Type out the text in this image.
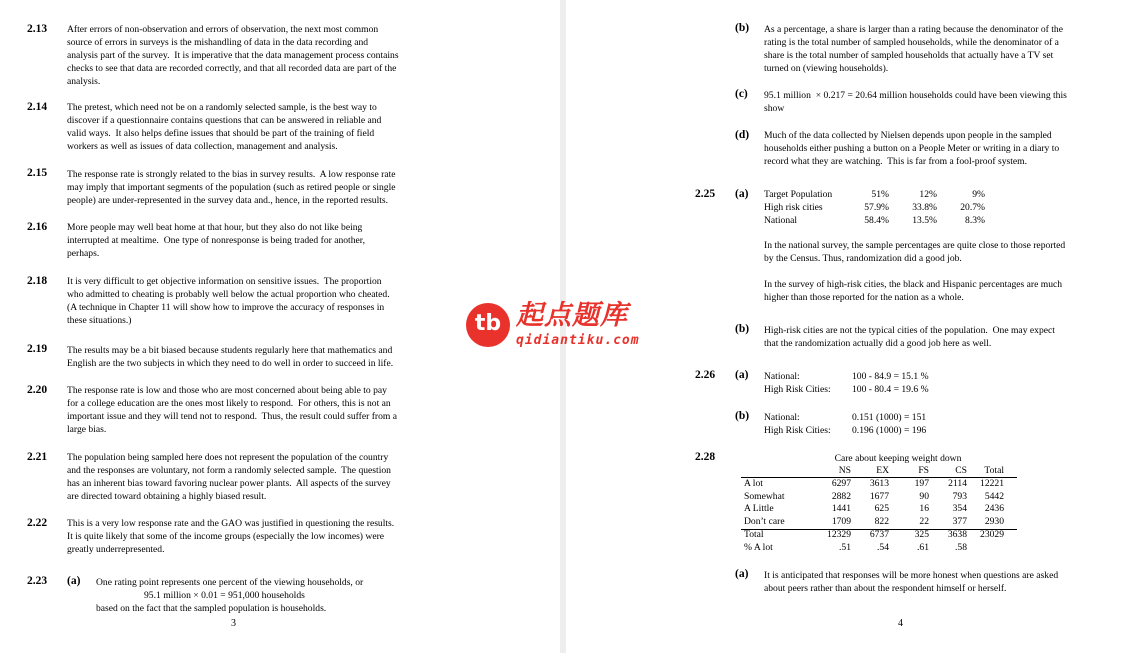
2.13 After errors of non-observation and errors of observation, the next most common
source of errors in surveys is the mishandling of data in the data recording and
analysis part of the survey.  It is imperative that the data management process contains
checks to see that data are recorded correctly, and that all recorded data are part of the
analysis.
2.14 The pretest, which need not be on a randomly selected sample, is the best way to
discover if a questionnaire contains questions that can be answered in reliable and
valid ways.  It also helps define issues that should be part of the training of field
workers as well as issues of data collection, management and analysis.
2.15 The response rate is strongly related to the bias in survey results.  A low response rate
may imply that important segments of the population (such as retired people or single
people) are under-represented in the survey data and., hence, in the reported results.
2.16 More people may well beat home at that hour, but they also do not like being
interrupted at mealtime.  One type of nonresponse is being traded for another,
perhaps.
2.18 It is very difficult to get objective information on sensitive issues.  The proportion
who admitted to cheating is probably well below the actual proportion who cheated.
(A technique in Chapter 11 will show how to improve the accuracy of responses in
these situations.)
2.19 The results may be a bit biased because students regularly here that mathematics and
English are the two subjects in which they need to do well in order to succeed in life.
2.20 The response rate is low and those who are most concerned about being able to pay
for a college education are the ones most likely to respond.  For others, this is not an
important issue and they will tend not to respond.  Thus, the result could suffer from a
large bias.
2.21 The population being sampled here does not represent the population of the country
and the responses are voluntary, not form a randomly selected sample.  The question
has an inherent bias toward favoring nuclear power plants.  All aspects of the survey
are directed toward obtaining a highly biased result.
2.22 This is a very low response rate and the GAO was justified in questioning the results.
It is quite likely that some of the income groups (especially the low incomes) were
greatly underrepresented.
2.23 (a) One rating point represents one percent of the viewing households, or
95.1 million × 0.01 = 951,000 households
based on the fact that the sampled population is households.
3
(b) As a percentage, a share is larger than a rating because the denominator of the
rating is the total number of sampled households, while the denominator of a
share is the total number of sampled households that actually have a TV set
turned on (viewing households).
(c) 95.1 million  × 0.217 = 20.64 million households could have been viewing this
show
(d) Much of the data collected by Nielsen depends upon people in the sampled
households either pushing a button on a People Meter or writing in a diary to
record what they are watching.  This is far from a fool-proof system.
2.25 (a) Target Population	51%	12%	9%
High risk cities	57.9%	33.8%	20.7%
National	58.4%	13.5%	8.3%
In the national survey, the sample percentages are quite close to those reported
by the Census. Thus, randomization did a good job.
In the survey of high-risk cities, the black and Hispanic percentages are much
higher than those reported for the nation as a whole.
(b) High-risk cities are not the typical cities of the population.  One may expect
that the randomization actually did a good job here as well.
2.26 (a) National:	100 - 84.9 = 15.1 %
High Risk Cities:	100 - 80.4 = 19.6 %
(b) National:	0.151 (1000) = 151
High Risk Cities:	0.196 (1000) = 196
2.28	Care about keeping weight down
	NS	EX	FS	CS	Total
A lot	6297	3613	197	2114	12221
Somewhat	2882	1677	90	793	5442
A Little	1441	625	16	354	2436
Don’t care	1709	822	22	377	2930
Total	12329	6737	325	3638	23029
% A lot	.51	.54	.61	.58	
(a) It is anticipated that responses will be more honest when questions are asked
about peers rather than about the respondent himself or herself.
4
tb 起点题库
qidiantiku.com
